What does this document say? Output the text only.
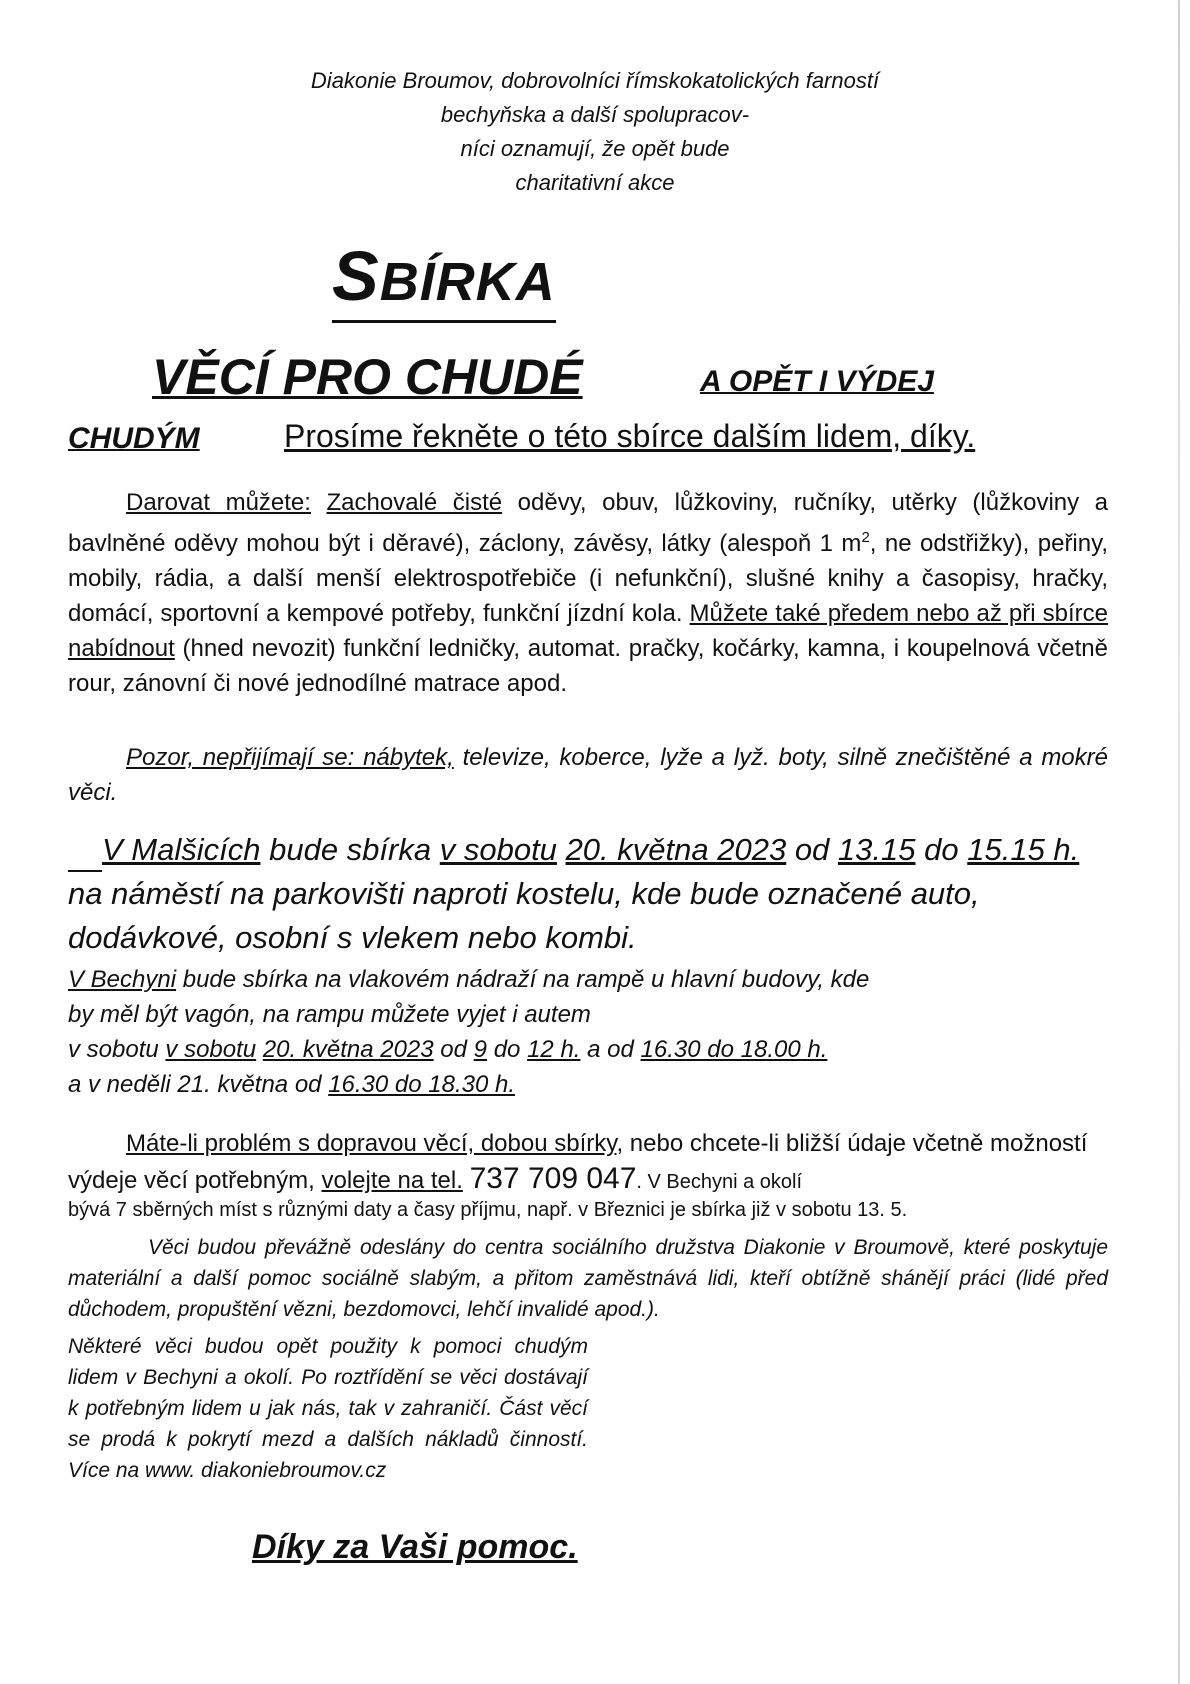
Diakonie Broumov, dobrovolníci římskokatolických farností
bechyňska a další spolupracov-
níci oznamují, že opět bude
charitativní akce
SBÍRKA
VĚCÍ PRO CHUDÉ	A OPĚT I VÝDEJ
CHUDÝM	Prosíme řekněte o této sbírce dalším lidem, díky.
Darovat můžete: Zachovalé čisté oděvy, obuv, lůžkoviny, ručníky, utěrky (lůžkoviny a bavlněné oděvy mohou být i děravé), záclony, závěsy, látky (alespoň 1 $m^2$, ne odstřižky), peřiny, mobily, rádia, a další menší elektrospotřebiče (i nefunkční), slušné knihy a časopisy, hračky, domácí, sportovní a kempové potřeby, funkční jízdní kola. Můžete také předem nebo až při sbírce nabídnout (hned nevozit) funkční ledničky, automat. pračky, kočárky, kamna, i koupelnová včetně rour, zánovní či nové jednodílné matrace apod.
Pozor, nepřijímají se: nábytek, televize, koberce, lyže a lyž. boty, silně znečištěné a mokré věci.
V Malšicích bude sbírka v sobotu 20. května 2023 od 13.15 do 15.15 h. na náměstí na parkovišti naproti kostelu, kde bude označené auto, dodávkové, osobní s vlekem nebo kombi.
V Bechyni bude sbírka na vlakovém nádraží na rampě u hlavní budovy, kde by měl být vagón, na rampu můžete vyjet i autem
v sobotu v sobotu 20. května 2023 od 9 do 12 h. a od 16.30 do 18.00 h.
a v neděli 21. května od 16.30 do 18.30 h.
Máte-li problém s dopravou věcí, dobou sbírky, nebo chcete-li bližší údaje včetně možností výdeje věcí potřebným, volejte na tel. 737 709 047. V Bechyni a okolí
bývá 7 sběrných míst s různými daty a časy příjmu, např. v Březnici je sbírka již v sobotu 13. 5.
Věci budou převážně odeslány do centra sociálního družstva Diakonie v Broumově, které poskytuje materiální a další pomoc sociálně slabým, a přitom zaměstnává lidi, kteří obtížně shánějí práci (lidé před důchodem, propuštění vězni, bezdomovci, lehčí invalidé apod.).
Některé věci budou opět použity k pomoci chudým lidem v Bechyni a okolí. Po roztřídění se věci dostávají k potřebným lidem u jak nás, tak v zahraničí. Část věcí se prodá k pokrytí mezd a dalších nákladů činností. Více na www. diakoniebroumov.cz
Díky za Vaši pomoc.
